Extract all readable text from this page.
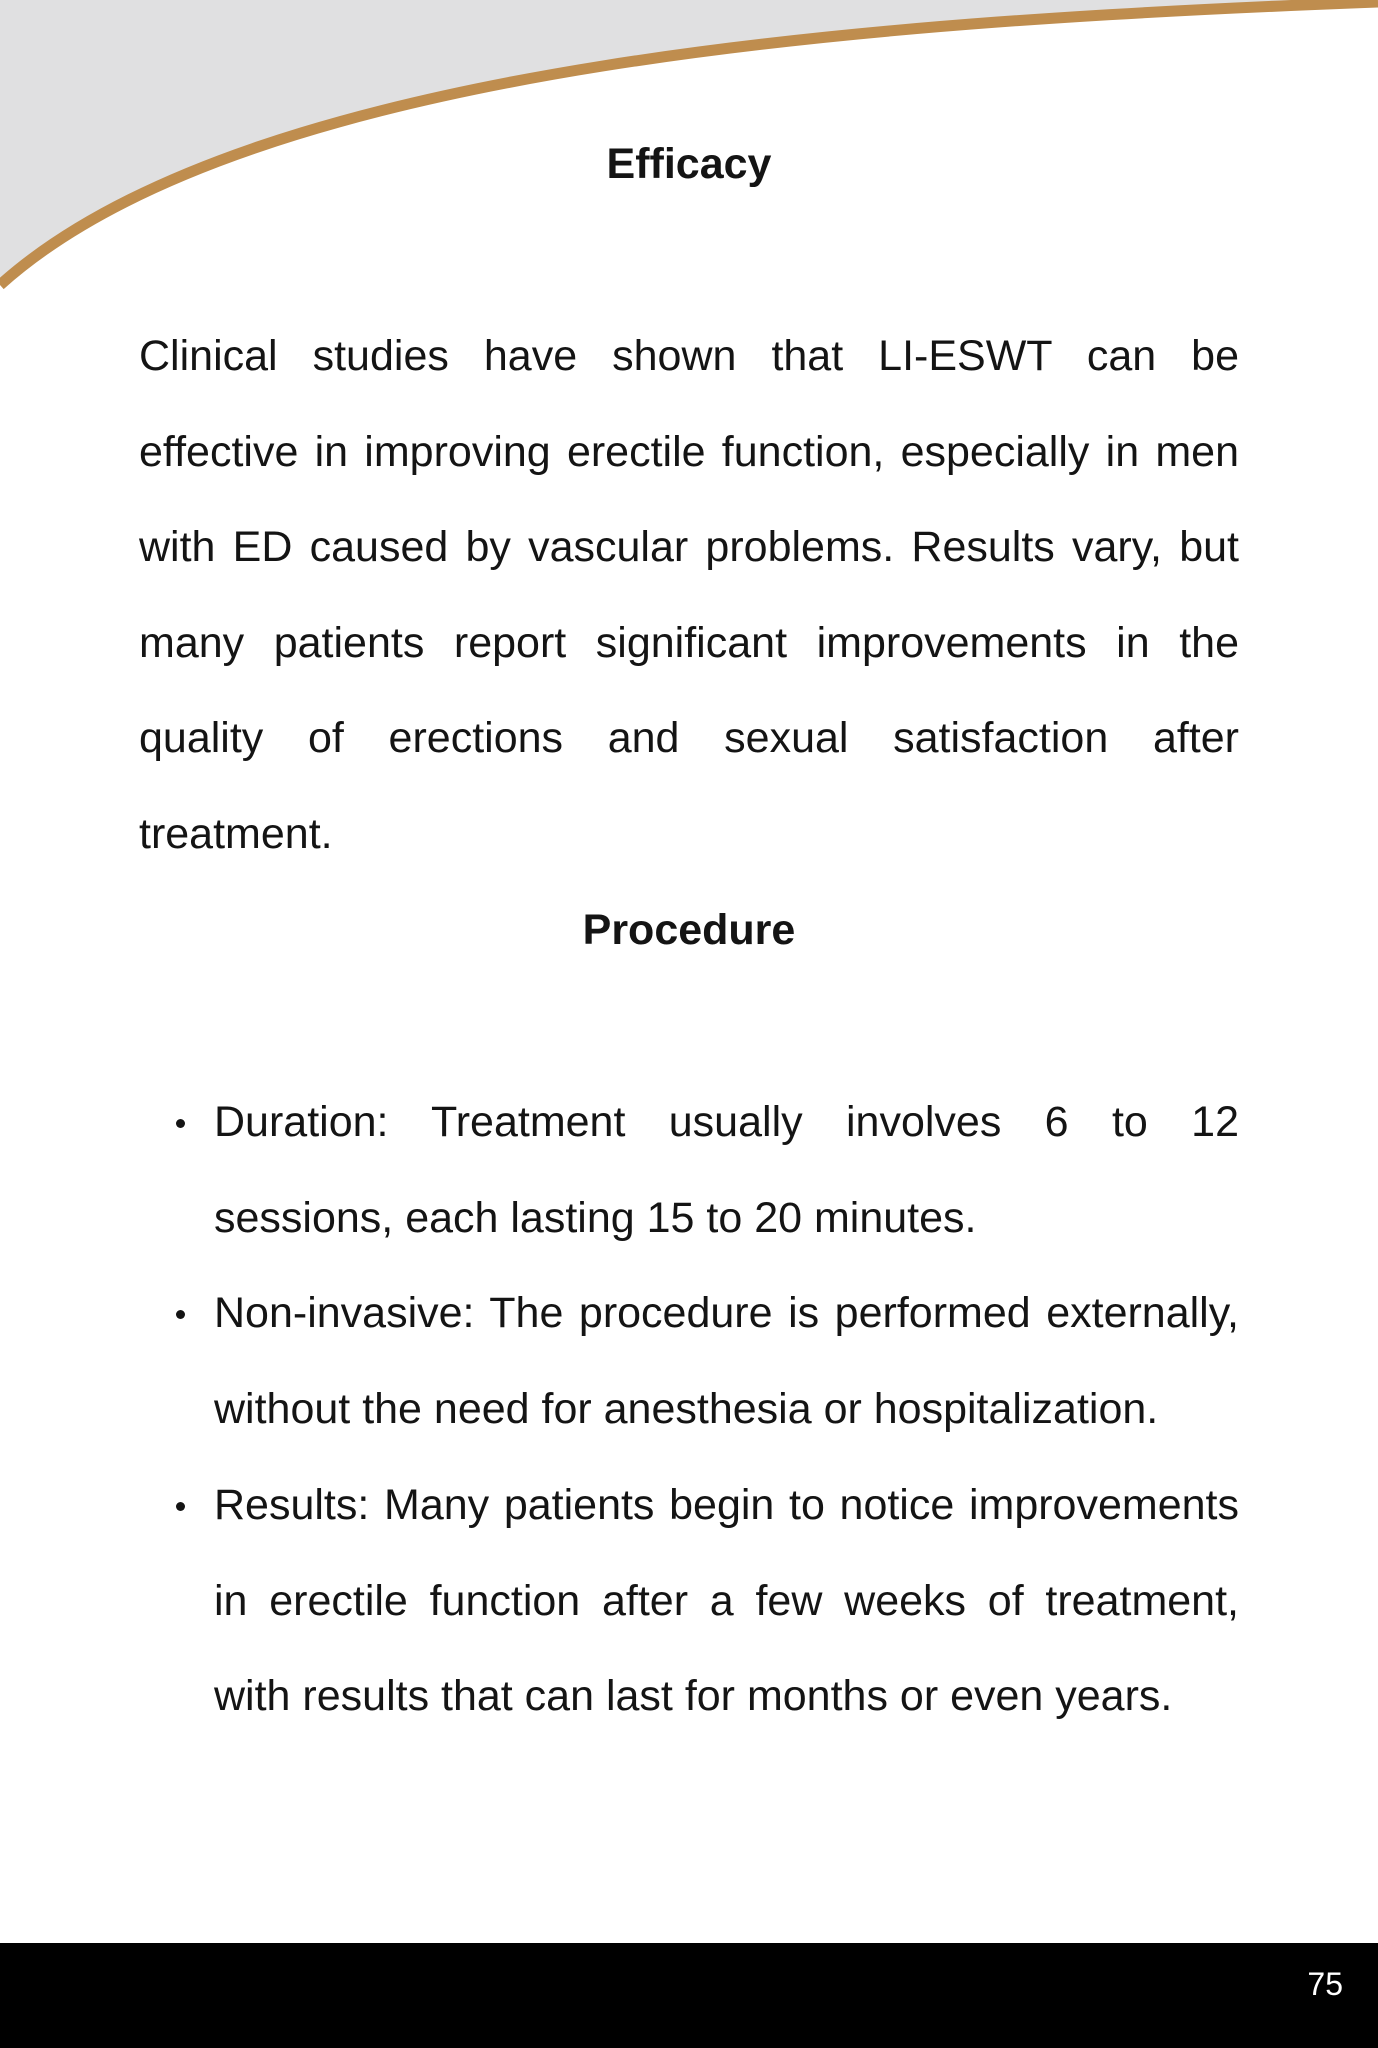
Efficacy

Clinical studies have shown that LI-ESWT can be effective in improving erectile function, especially in men with ED caused by vascular problems. Results vary, but many patients report significant improvements in the quality of erections and sexual satisfaction after treatment.

Procedure
Duration: Treatment usually involves 6 to 12 sessions, each lasting 15 to 20 minutes.
Non-invasive: The procedure is performed externally, without the need for anesthesia or hospitalization.
Results: Many patients begin to notice improvements in erectile function after a few weeks of treatment, with results that can last for months or even years.
75
